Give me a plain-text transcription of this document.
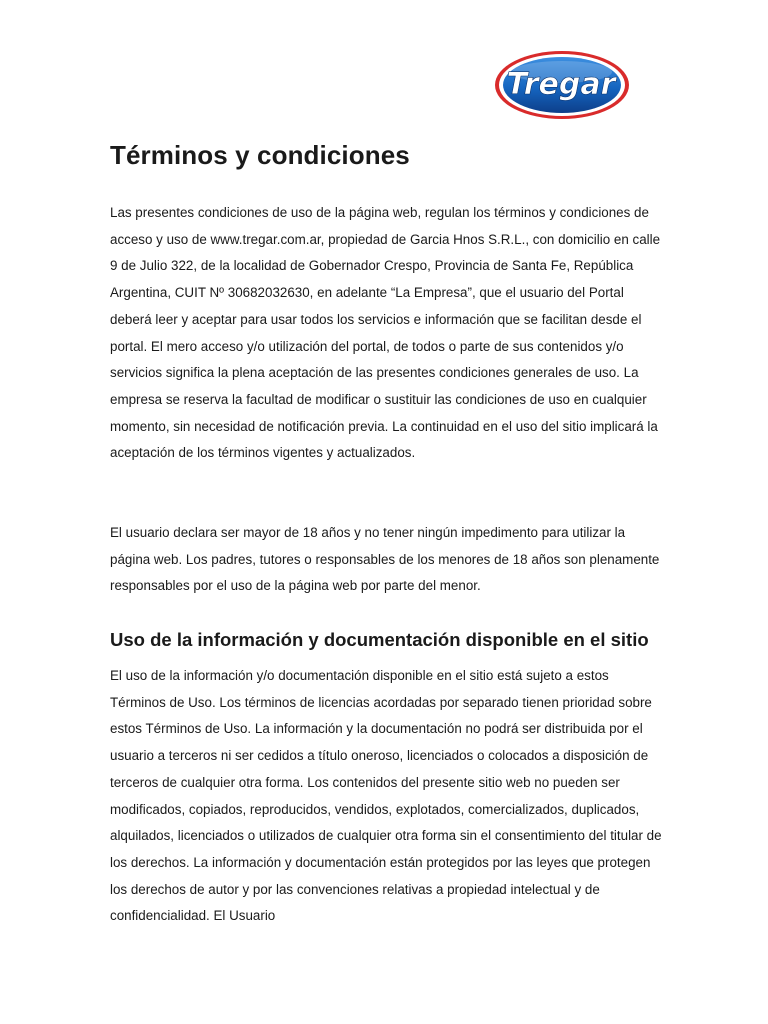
Tregar
Términos y condiciones

Las presentes condiciones de uso de la página web, regulan los términos y condiciones de acceso y uso de www.tregar.com.ar, propiedad de Garcia Hnos S.R.L., con domicilio en calle 9 de Julio 322, de la localidad de Gobernador Crespo, Provincia de Santa Fe, República Argentina, CUIT Nº 30682032630, en adelante “La Empresa”, que el usuario del Portal deberá leer y aceptar para usar todos los servicios e información que se facilitan desde el portal. El mero acceso y/o utilización del portal, de todos o parte de sus contenidos y/o servicios significa la plena aceptación de las presentes condiciones generales de uso. La empresa se reserva la facultad de modificar o sustituir las condiciones de uso en cualquier momento, sin necesidad de notificación previa. La continuidad en el uso del sitio implicará la aceptación de los términos vigentes y actualizados.

El usuario declara ser mayor de 18 años y no tener ningún impedimento para utilizar la página web. Los padres, tutores o responsables de los menores de 18 años son plenamente responsables por el uso de la página web por parte del menor.

Uso de la información y documentación disponible en el sitio

El uso de la información y/o documentación disponible en el sitio está sujeto a estos Términos de Uso. Los términos de licencias acordadas por separado tienen prioridad sobre estos Términos de Uso. La información y la documentación no podrá ser distribuida por el usuario a terceros ni ser cedidos a título oneroso, licenciados o colocados a disposición de terceros de cualquier otra forma. Los contenidos del presente sitio web no pueden ser modificados, copiados, reproducidos, vendidos, explotados, comercializados, duplicados, alquilados, licenciados o utilizados de cualquier otra forma sin el consentimiento del titular de los derechos. La información y documentación están protegidos por las leyes que protegen los derechos de autor y por las convenciones relativas a propiedad intelectual y de confidencialidad. El Usuario
